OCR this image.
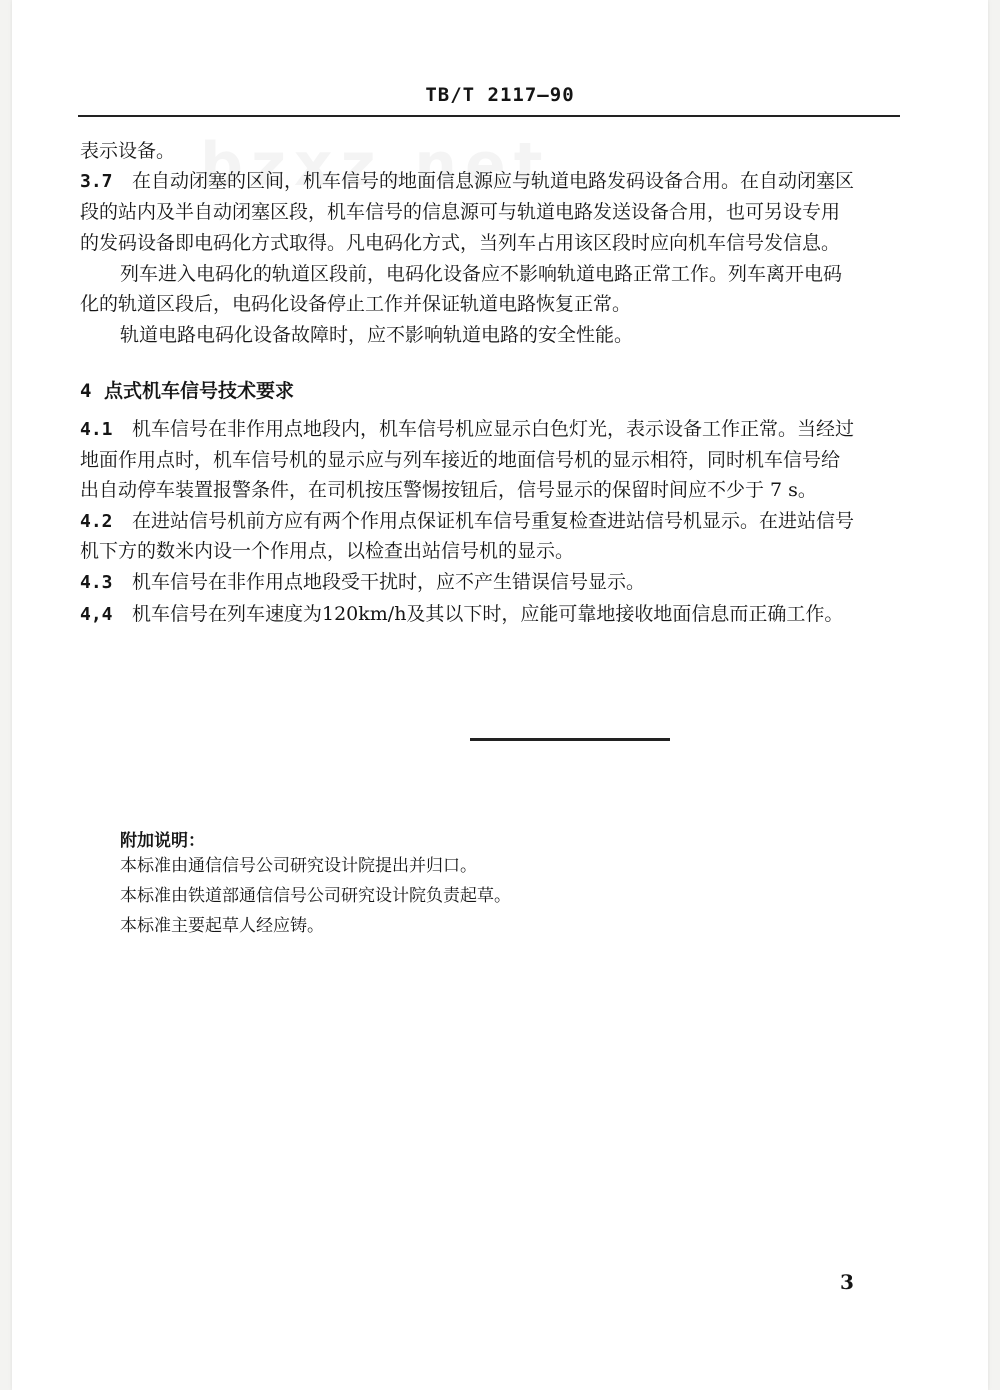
TB/T 2117—90
表示设备。
3.7 在自动闭塞的区间，机车信号的地面信息源应与轨道电路发码设备合用。在自动闭塞区
段的站内及半自动闭塞区段，机车信号的信息源可与轨道电路发送设备合用，也可另设专用
的发码设备即电码化方式取得。凡电码化方式，当列车占用该区段时应向机车信号发信息。
列车进入电码化的轨道区段前，电码化设备应不影响轨道电路正常工作。列车离开电码
化的轨道区段后，电码化设备停止工作并保证轨道电路恢复正常。
轨道电路电码化设备故障时，应不影响轨道电路的安全性能。
4 点式机车信号技术要求
4.1 机车信号在非作用点地段内，机车信号机应显示白色灯光，表示设备工作正常。当经过
地面作用点时，机车信号机的显示应与列车接近的地面信号机的显示相符，同时机车信号给
出自动停车装置报警条件，在司机按压警惕按钮后，信号显示的保留时间应不少于 7 s。
4.2 在进站信号机前方应有两个作用点保证机车信号重复检查进站信号机显示。在进站信号
机下方的数米内设一个作用点，以检查出站信号机的显示。
4.3 机车信号在非作用点地段受干扰时，应不产生错误信号显示。
4,4 机车信号在列车速度为120km/h及其以下时，应能可靠地接收地面信息而正确工作。
附加说明：
本标准由通信信号公司研究设计院提出并归口。
本标准由铁道部通信信号公司研究设计院负责起草。
本标准主要起草人经应铸。
3
